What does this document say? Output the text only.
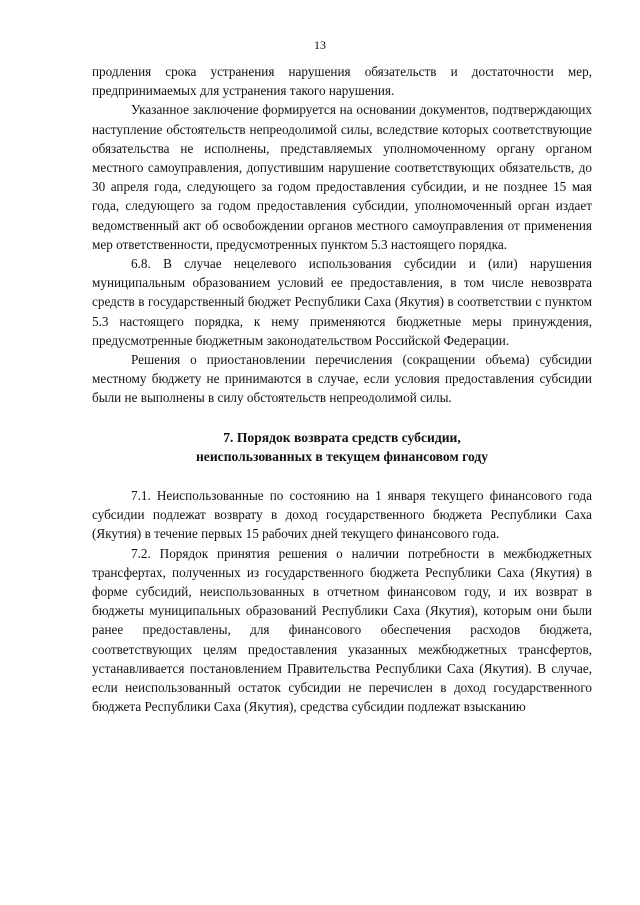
13

продления срока устранения нарушения обязательств и достаточности мер, предпринимаемых для устранения такого нарушения.

Указанное заключение формируется на основании документов, подтверждающих наступление обстоятельств непреодолимой силы, вследствие которых соответствующие обязательства не исполнены, представляемых уполномоченному органу органом местного самоуправления, допустившим нарушение соответствующих обязательств, до 30 апреля года, следующего за годом предоставления субсидии, и не позднее 15 мая года, следующего за годом предоставления субсидии, уполномоченный орган издает ведомственный акт об освобождении органов местного самоуправления от применения мер ответственности, предусмотренных пунктом 5.3 настоящего порядка.

6.8. В случае нецелевого использования субсидии и (или) нарушения муниципальным образованием условий ее предоставления, в том числе невозврата средств в государственный бюджет Республики Саха (Якутия) в соответствии с пунктом 5.3 настоящего порядка, к нему применяются бюджетные меры принуждения, предусмотренные бюджетным законодательством Российской Федерации.

Решения о приостановлении перечисления (сокращении объема) субсидии местному бюджету не принимаются в случае, если условия предоставления субсидии были не выполнены в силу обстоятельств непреодолимой силы.

7. Порядок возврата средств субсидии,
неиспользованных в текущем финансовом году

7.1. Неиспользованные по состоянию на 1 января текущего финансового года субсидии подлежат возврату в доход государственного бюджета Республики Саха (Якутия) в течение первых 15 рабочих дней текущего финансового года.

7.2. Порядок принятия решения о наличии потребности в межбюджетных трансфертах, полученных из государственного бюджета Республики Саха (Якутия) в форме субсидий, неиспользованных в отчетном финансовом году, и их возврат в бюджеты муниципальных образований Республики Саха (Якутия), которым они были ранее предоставлены, для финансового обеспечения расходов бюджета, соответствующих целям предоставления указанных межбюджетных трансфертов, устанавливается постановлением Правительства Республики Саха (Якутия). В случае, если неиспользованный остаток субсидии не перечислен в доход государственного бюджета Республики Саха (Якутия), средства субсидии подлежат взысканию
